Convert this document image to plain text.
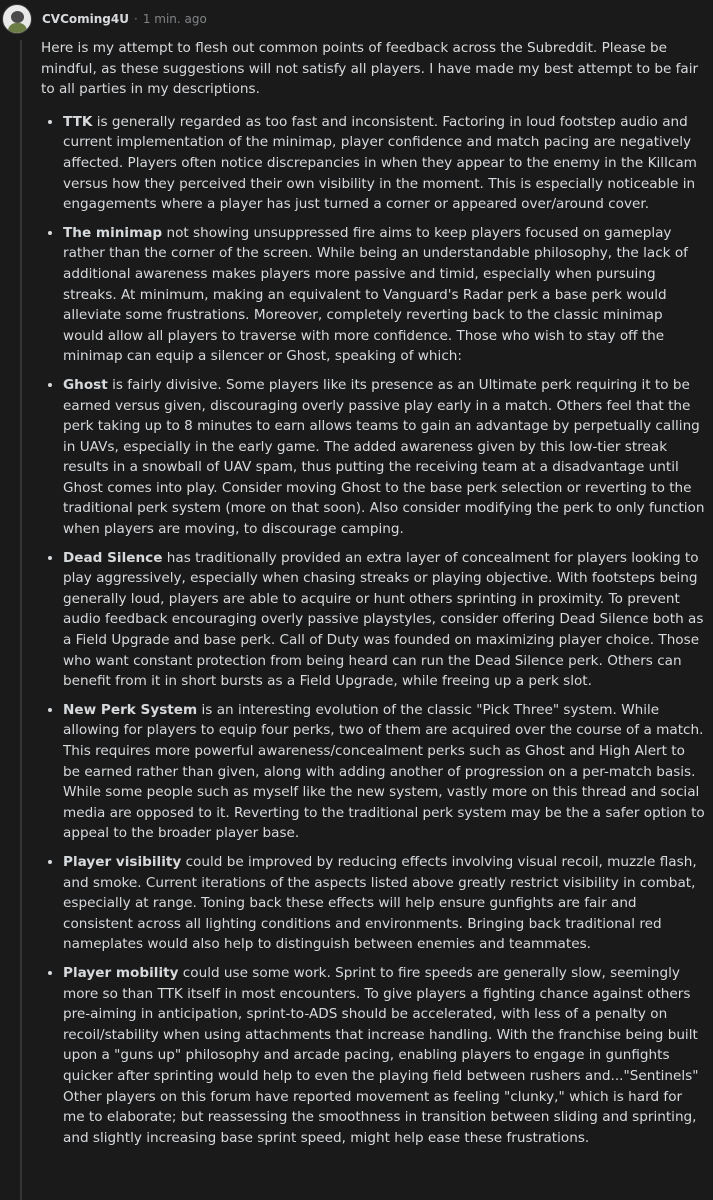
CVComing4U · 1 min. ago

Here is my attempt to flesh out common points of feedback across the Subreddit. Please be mindful, as these suggestions will not satisfy all players. I have made my best attempt to be fair to all parties in my descriptions.

• TTK is generally regarded as too fast and inconsistent. Factoring in loud footstep audio and current implementation of the minimap, player confidence and match pacing are negatively affected. Players often notice discrepancies in when they appear to the enemy in the Killcam versus how they perceived their own visibility in the moment. This is especially noticeable in engagements where a player has just turned a corner or appeared over/around cover.
• The minimap not showing unsuppressed fire aims to keep players focused on gameplay rather than the corner of the screen. While being an understandable philosophy, the lack of additional awareness makes players more passive and timid, especially when pursuing streaks. At minimum, making an equivalent to Vanguard's Radar perk a base perk would alleviate some frustrations. Moreover, completely reverting back to the classic minimap would allow all players to traverse with more confidence. Those who wish to stay off the minimap can equip a silencer or Ghost, speaking of which:
• Ghost is fairly divisive. Some players like its presence as an Ultimate perk requiring it to be earned versus given, discouraging overly passive play early in a match. Others feel that the perk taking up to 8 minutes to earn allows teams to gain an advantage by perpetually calling in UAVs, especially in the early game. The added awareness given by this low-tier streak results in a snowball of UAV spam, thus putting the receiving team at a disadvantage until Ghost comes into play. Consider moving Ghost to the base perk selection or reverting to the traditional perk system (more on that soon). Also consider modifying the perk to only function when players are moving, to discourage camping.
• Dead Silence has traditionally provided an extra layer of concealment for players looking to play aggressively, especially when chasing streaks or playing objective. With footsteps being generally loud, players are able to acquire or hunt others sprinting in proximity. To prevent audio feedback encouraging overly passive playstyles, consider offering Dead Silence both as a Field Upgrade and base perk. Call of Duty was founded on maximizing player choice. Those who want constant protection from being heard can run the Dead Silence perk. Others can benefit from it in short bursts as a Field Upgrade, while freeing up a perk slot.
• New Perk System is an interesting evolution of the classic "Pick Three" system. While allowing for players to equip four perks, two of them are acquired over the course of a match. This requires more powerful awareness/concealment perks such as Ghost and High Alert to be earned rather than given, along with adding another of progression on a per-match basis. While some people such as myself like the new system, vastly more on this thread and social media are opposed to it. Reverting to the traditional perk system may be the a safer option to appeal to the broader player base.
• Player visibility could be improved by reducing effects involving visual recoil, muzzle flash, and smoke. Current iterations of the aspects listed above greatly restrict visibility in combat, especially at range. Toning back these effects will help ensure gunfights are fair and consistent across all lighting conditions and environments. Bringing back traditional red nameplates would also help to distinguish between enemies and teammates.
• Player mobility could use some work. Sprint to fire speeds are generally slow, seemingly more so than TTK itself in most encounters. To give players a fighting chance against others pre-aiming in anticipation, sprint-to-ADS should be accelerated, with less of a penalty on recoil/stability when using attachments that increase handling. With the franchise being built upon a "guns up" philosophy and arcade pacing, enabling players to engage in gunfights quicker after sprinting would help to even the playing field between rushers and..."Sentinels"
Other players on this forum have reported movement as feeling "clunky," which is hard for me to elaborate; but reassessing the smoothness in transition between sliding and sprinting, and slightly increasing base sprint speed, might help ease these frustrations.
